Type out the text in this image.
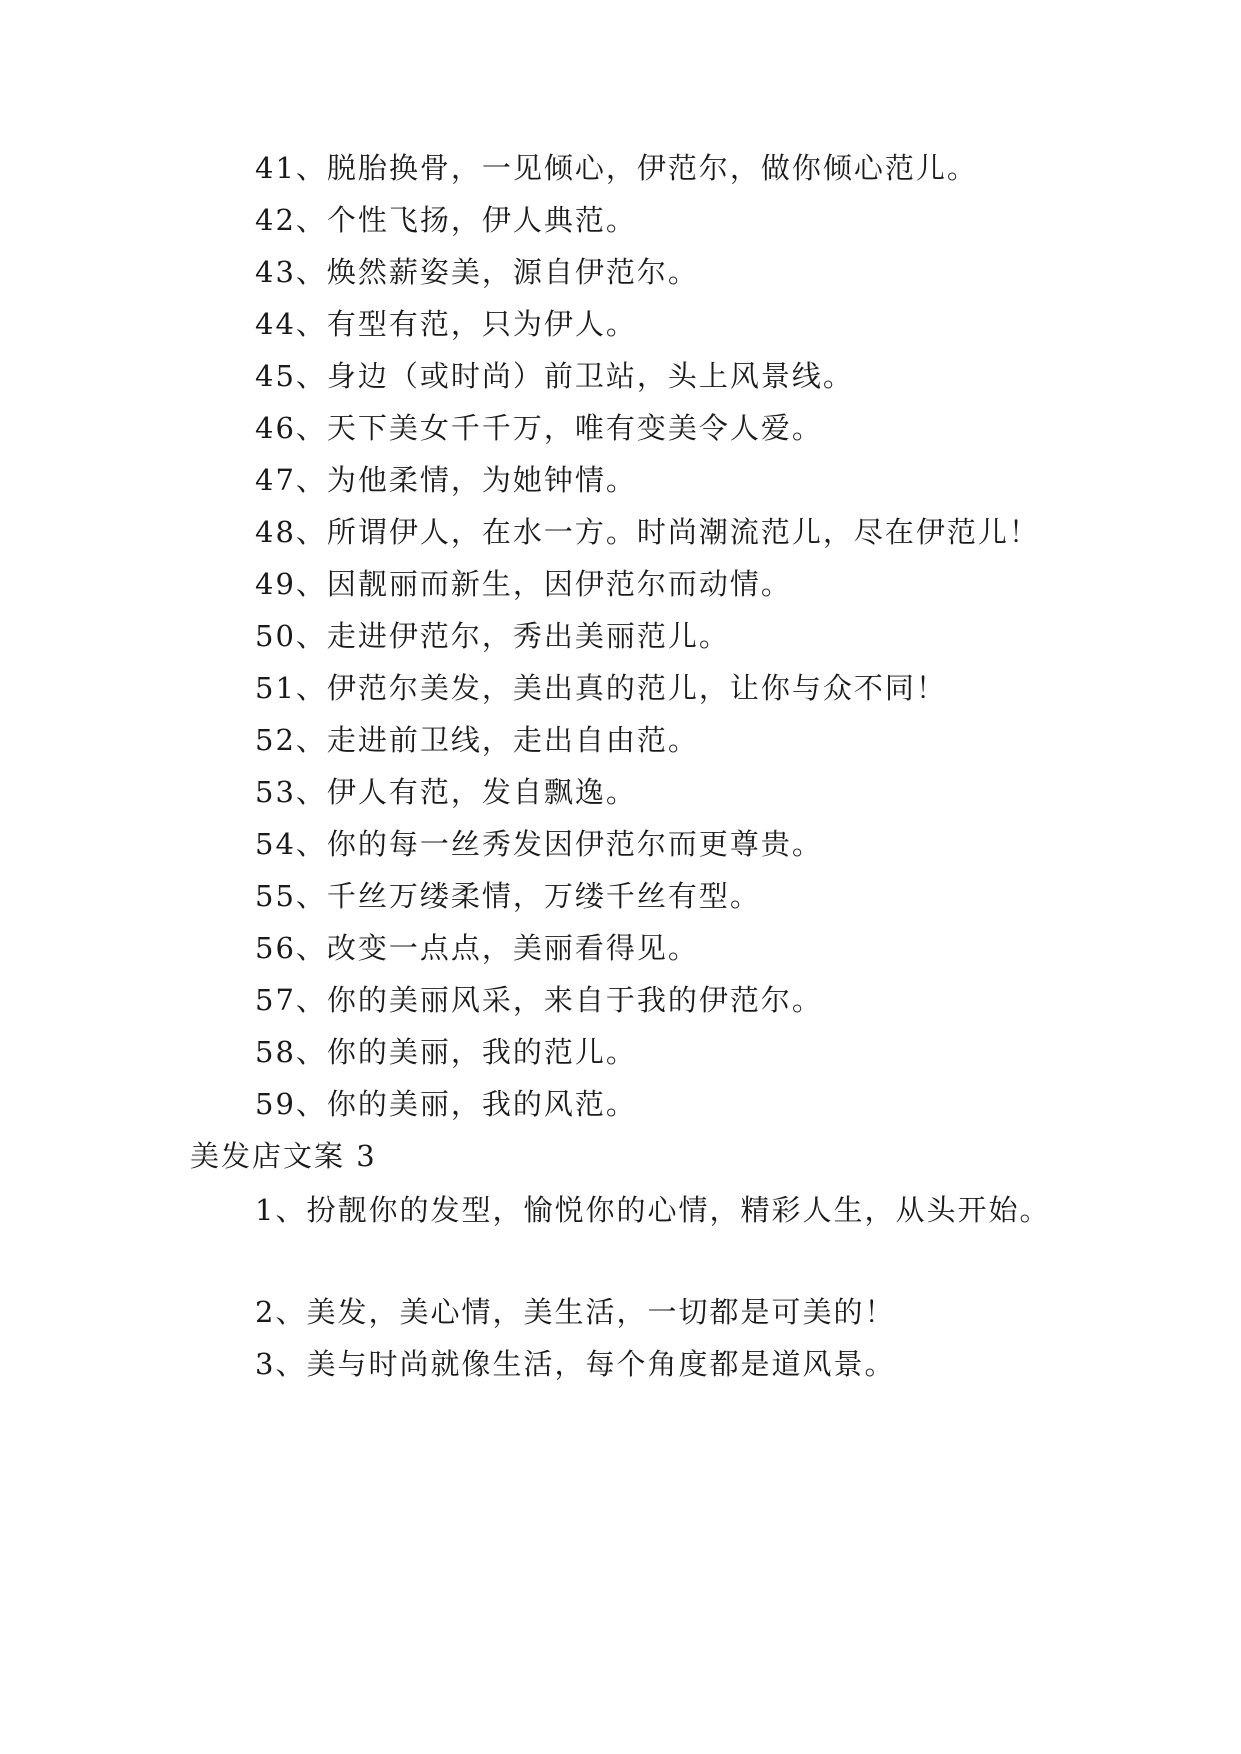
41、脱胎换骨，一见倾心，伊范尔，做你倾心范儿。
42、个性飞扬，伊人典范。
43、焕然薪姿美，源自伊范尔。
44、有型有范，只为伊人。
45、身边（或时尚）前卫站，头上风景线。
46、天下美女千千万，唯有变美令人爱。
47、为他柔情，为她钟情。
48、所谓伊人，在水一方。时尚潮流范儿，尽在伊范儿！
49、因靓丽而新生，因伊范尔而动情。
50、走进伊范尔，秀出美丽范儿。
51、伊范尔美发，美出真的范儿，让你与众不同！
52、走进前卫线，走出自由范。
53、伊人有范，发自飘逸。
54、你的每一丝秀发因伊范尔而更尊贵。
55、千丝万缕柔情，万缕千丝有型。
56、改变一点点，美丽看得见。
57、你的美丽风采，来自于我的伊范尔。
58、你的美丽，我的范儿。
59、你的美丽，我的风范。
美发店文案 3
1、扮靓你的发型，愉悦你的心情，精彩人生，从头开始。
2、美发，美心情，美生活，一切都是可美的！
3、美与时尚就像生活，每个角度都是道风景。
